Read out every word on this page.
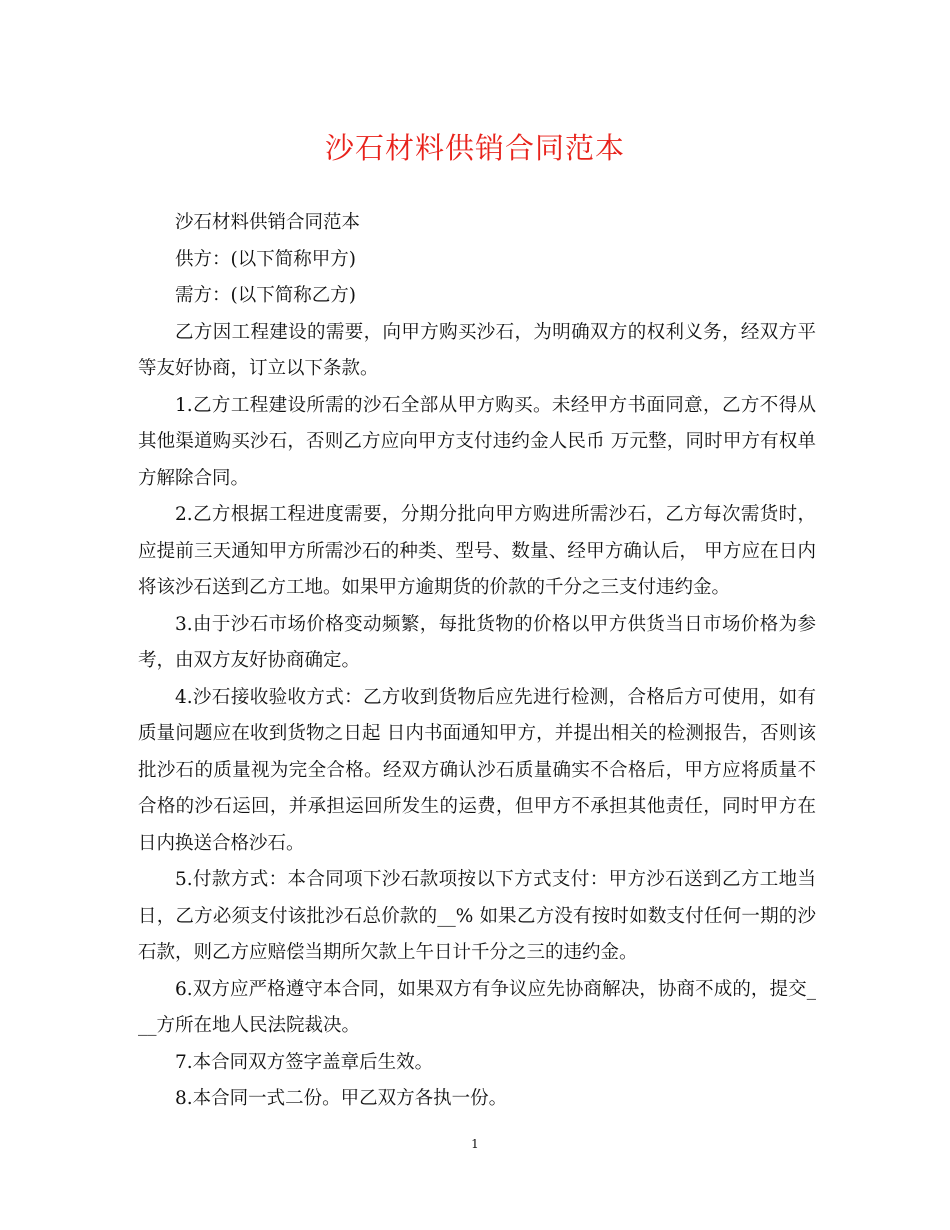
沙石材料供销合同范本

沙石材料供销合同范本

供方：(以下简称甲方)

需方：(以下简称乙方)

乙方因工程建设的需要，向甲方购买沙石，为明确双方的权利义务，经双方平等友好协商，订立以下条款。

1.乙方工程建设所需的沙石全部从甲方购买。未经甲方书面同意，乙方不得从其他渠道购买沙石，否则乙方应向甲方支付违约金人民币 万元整，同时甲方有权单方解除合同。

2.乙方根据工程进度需要，分期分批向甲方购进所需沙石，乙方每次需货时，应提前三天通知甲方所需沙石的种类、型号、数量、经甲方确认后， 甲方应在日内将该沙石送到乙方工地。如果甲方逾期货的价款的千分之三支付违约金。

3.由于沙石市场价格变动频繁，每批货物的价格以甲方供货当日市场价格为参考，由双方友好协商确定。

4.沙石接收验收方式：乙方收到货物后应先进行检测，合格后方可使用，如有质量问题应在收到货物之日起 日内书面通知甲方，并提出相关的检测报告，否则该批沙石的质量视为完全合格。经双方确认沙石质量确实不合格后，甲方应将质量不合格的沙石运回，并承担运回所发生的运费，但甲方不承担其他责任，同时甲方在 日内换送合格沙石。

5.付款方式：本合同项下沙石款项按以下方式支付：甲方沙石送到乙方工地当日，乙方必须支付该批沙石总价款的__% 如果乙方没有按时如数支付任何一期的沙石款，则乙方应赔偿当期所欠款上午日计千分之三的违约金。

6.双方应严格遵守本合同，如果双方有争议应先协商解决，协商不成的，提交___方所在地人民法院裁决。

7.本合同双方签字盖章后生效。

8.本合同一式二份。甲乙双方各执一份。

1
